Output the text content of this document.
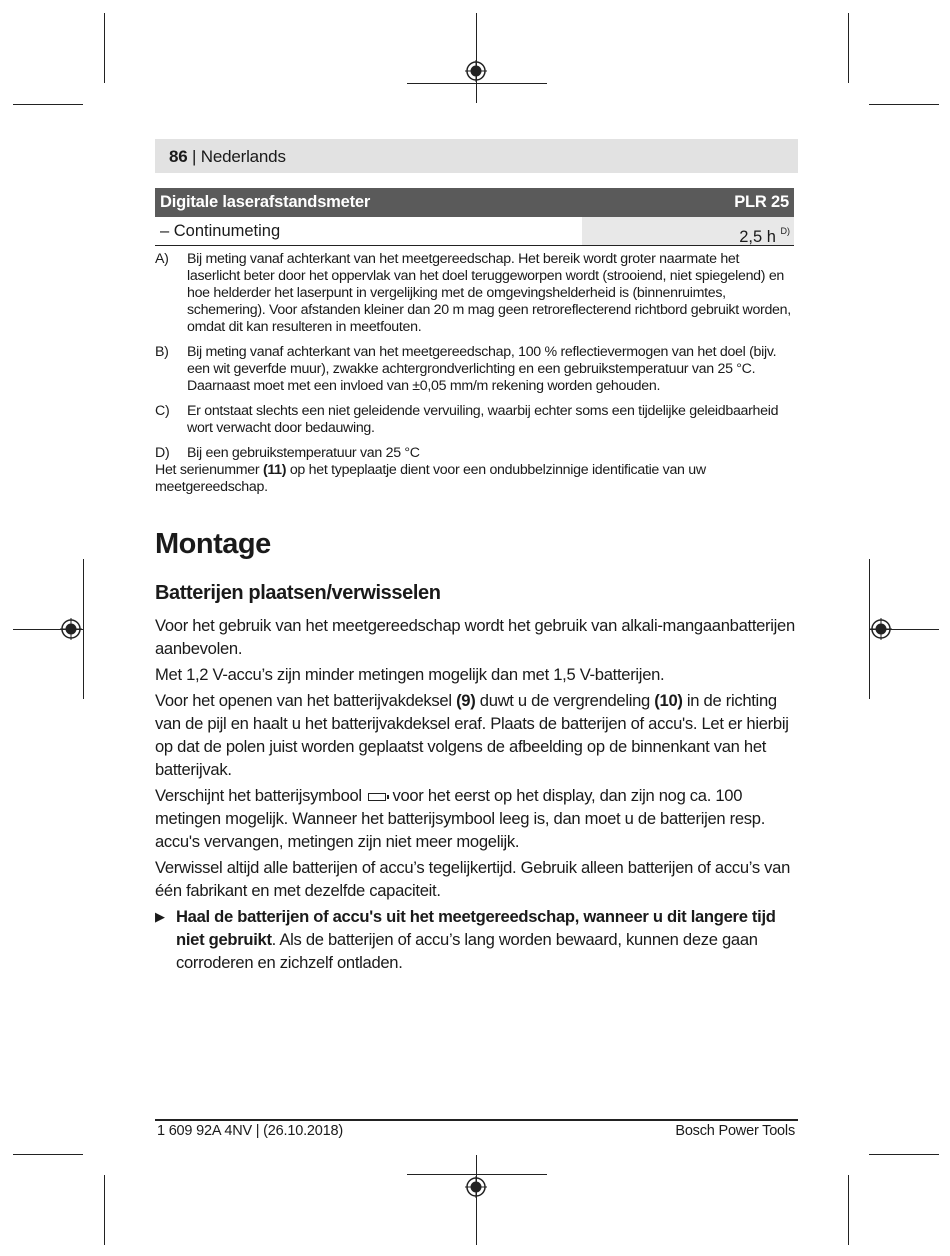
86 | Nederlands
Digitale laserafstandsmeter	PLR 25
– Continumeting	2,5 h $^{D)}$
A)	Bij meting vanaf achterkant van het meetgereedschap. Het bereik wordt groter naarmate het laserlicht beter door het oppervlak van het doel teruggeworpen wordt (strooiend, niet spiegelend) en hoe helderder het laserpunt in vergelijking met de omgevingshelderheid is (binnenruimtes, schemering). Voor afstanden kleiner dan 20 m mag geen retroreflecterend richtbord gebruikt worden, omdat dit kan resulteren in meetfouten.
B)	Bij meting vanaf achterkant van het meetgereedschap, 100 % reflectievermogen van het doel (bijv. een wit geverfde muur), zwakke achtergrondverlichting en een gebruikstemperatuur van 25 °C. Daarnaast moet met een invloed van ±0,05 mm/m rekening worden gehouden.
C)	Er ontstaat slechts een niet geleidende vervuiling, waarbij echter soms een tijdelijke geleidbaarheid wort verwacht door bedauwing.
D)	Bij een gebruikstemperatuur van 25 °C
Het serienummer (11) op het typeplaatje dient voor een ondubbelzinnige identificatie van uw meetgereedschap.
Montage
Batterijen plaatsen/verwisselen

Voor het gebruik van het meetgereedschap wordt het gebruik van alkali-mangaanbatterijen aanbevolen.

Met 1,2 V-accu’s zijn minder metingen mogelijk dan met 1,5 V-batterijen.

Voor het openen van het batterijvakdeksel (9) duwt u de vergrendeling (10) in de richting van de pijl en haalt u het batterijvakdeksel eraf. Plaats de batterijen of accu's. Let er hierbij op dat de polen juist worden geplaatst volgens de afbeelding op de binnenkant van het batterijvak.

Verschijnt het batterijsymbool voor het eerst op het display, dan zijn nog ca. 100 metingen mogelijk. Wanneer het batterijsymbool leeg is, dan moet u de batterijen resp. accu's vervangen, metingen zijn niet meer mogelijk.

Verwissel altijd alle batterijen of accu’s tegelijkertijd. Gebruik alleen batterijen of accu’s van één fabrikant en met dezelfde capaciteit.

▶ Haal de batterijen of accu's uit het meetgereedschap, wanneer u dit langere tijd niet gebruikt. Als de batterijen of accu’s lang worden bewaard, kunnen deze gaan corroderen en zichzelf ontladen.
1 609 92A 4NV | (26.10.2018)	Bosch Power Tools
